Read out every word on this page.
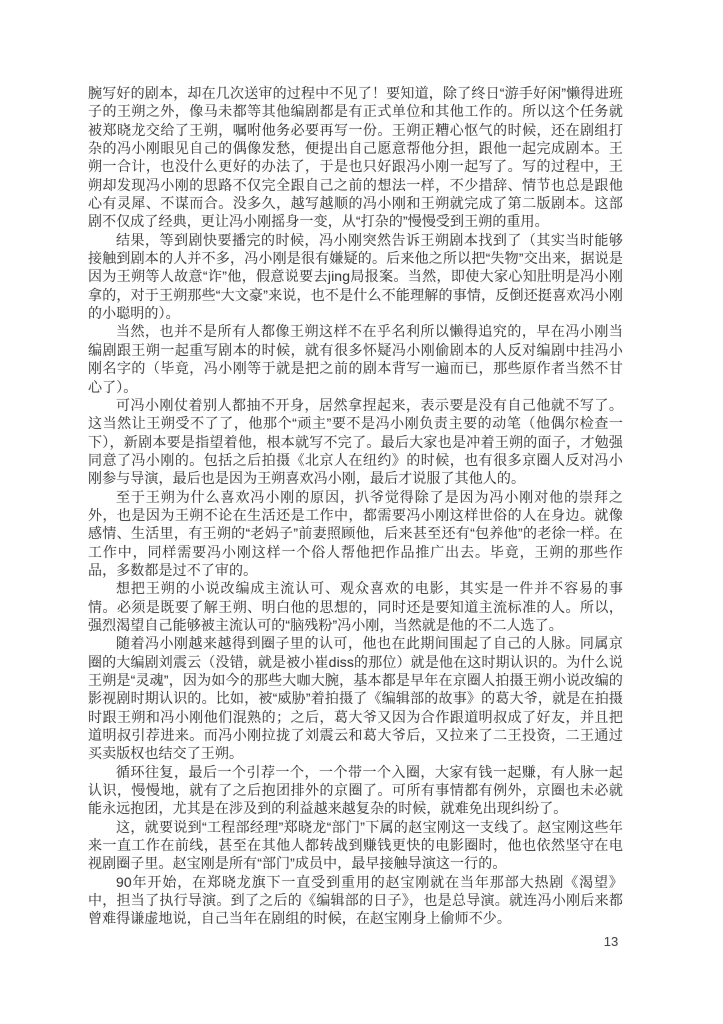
腕写好的剧本，却在几次送审的过程中不见了！要知道，除了终日“游手好闲”懒得进班子的王朔之外，像马未都等其他编剧都是有正式单位和其他工作的。所以这个任务就被郑晓龙交给了王朔，嘱咐他务必要再写一份。王朔正糟心怄气的时候，还在剧组打杂的冯小刚眼见自己的偶像发愁，便提出自己愿意帮他分担，跟他一起完成剧本。王朔一合计，也没什么更好的办法了，于是也只好跟冯小刚一起写了。写的过程中，王朔却发现冯小刚的思路不仅完全跟自己之前的想法一样，不少措辞、情节也总是跟他心有灵犀、不谋而合。没多久，越写越顺的冯小刚和王朔就完成了第二版剧本。这部剧不仅成了经典，更让冯小刚摇身一变，从“打杂的”慢慢受到王朔的重用。

结果，等到剧快要播完的时候，冯小刚突然告诉王朔剧本找到了（其实当时能够接触到剧本的人并不多，冯小刚是很有嫌疑的。后来他之所以把“失物”交出来，据说是因为王朔等人故意“诈”他，假意说要去jing局报案。当然，即使大家心知肚明是冯小刚拿的，对于王朔那些“大文豪”来说，也不是什么不能理解的事情，反倒还挺喜欢冯小刚的小聪明的）。

当然，也并不是所有人都像王朔这样不在乎名利所以懒得追究的，早在冯小刚当编剧跟王朔一起重写剧本的时候，就有很多怀疑冯小刚偷剧本的人反对编剧中挂冯小刚名字的（毕竟，冯小刚等于就是把之前的剧本背写一遍而已，那些原作者当然不甘心了）。

可冯小刚仗着别人都抽不开身，居然拿捏起来，表示要是没有自己他就不写了。这当然让王朔受不了了，他那个“顽主”要不是冯小刚负责主要的动笔（他偶尔检查一下），新剧本要是指望着他，根本就写不完了。最后大家也是冲着王朔的面子，才勉强同意了冯小刚的。包括之后拍摄《北京人在纽约》的时候，也有很多京圈人反对冯小刚参与导演，最后也是因为王朔喜欢冯小刚，最后才说服了其他人的。

至于王朔为什么喜欢冯小刚的原因，扒爷觉得除了是因为冯小刚对他的崇拜之外，也是因为王朔不论在生活还是工作中，都需要冯小刚这样世俗的人在身边。就像感情、生活里，有王朔的“老妈子”前妻照顾他，后来甚至还有“包养他”的老徐一样。在工作中，同样需要冯小刚这样一个俗人帮他把作品推广出去。毕竟，王朔的那些作品，多数都是过不了审的。

想把王朔的小说改编成主流认可、观众喜欢的电影，其实是一件并不容易的事情。必须是既要了解王朔、明白他的思想的，同时还是要知道主流标准的人。所以，强烈渴望自己能够被主流认可的“脑残粉”冯小刚，当然就是他的不二人选了。

随着冯小刚越来越得到圈子里的认可，他也在此期间围起了自己的人脉。同属京圈的大编剧刘震云（没错，就是被小崔diss的那位）就是他在这时期认识的。为什么说王朔是“灵魂”，因为如今的那些大咖大腕，基本都是早年在京圈人拍摄王朔小说改编的影视剧时期认识的。比如，被“威胁”着拍摄了《编辑部的故事》的葛大爷，就是在拍摄时跟王朔和冯小刚他们混熟的；之后，葛大爷又因为合作跟道明叔成了好友，并且把道明叔引荐进来。而冯小刚拉拢了刘震云和葛大爷后，又拉来了二王投资，二王通过买卖版权也结交了王朔。

循环往复，最后一个引荐一个，一个带一个入圈，大家有钱一起赚，有人脉一起认识，慢慢地，就有了之后抱团排外的京圈了。可所有事情都有例外，京圈也未必就能永远抱团，尤其是在涉及到的利益越来越复杂的时候，就难免出现纠纷了。

这，就要说到“工程部经理”郑晓龙“部门”下属的赵宝刚这一支线了。赵宝刚这些年来一直工作在前线，甚至在其他人都转战到赚钱更快的电影圈时，他也依然坚守在电视剧圈子里。赵宝刚是所有“部门”成员中，最早接触导演这一行的。

90年开始，在郑晓龙旗下一直受到重用的赵宝刚就在当年那部大热剧《渴望》中，担当了执行导演。到了之后的《编辑部的日子》，也是总导演。就连冯小刚后来都曾难得谦虚地说，自己当年在剧组的时候，在赵宝刚身上偷师不少。

13
